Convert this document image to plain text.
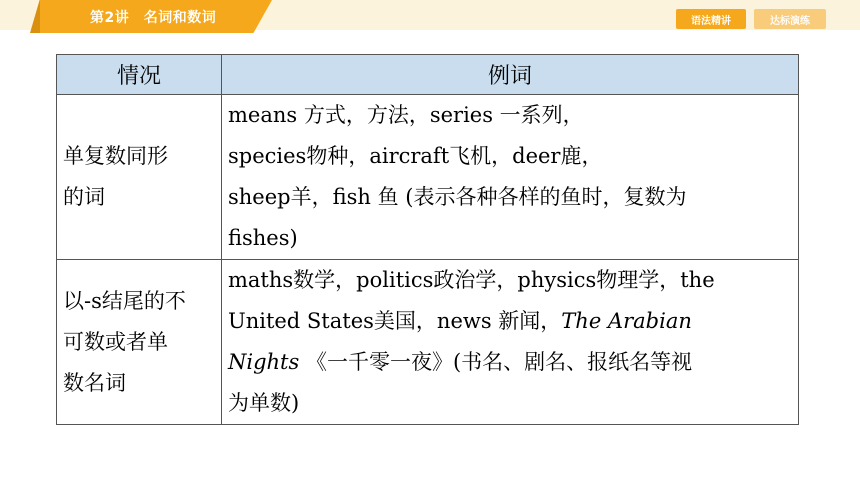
第2讲　名词和数词	语法精讲	达标演练
情况	例词

单复数同形
的词	means 方式，方法，series 一系列，
species物种，aircraft飞机，deer鹿，
sheep羊，fish 鱼 (表示各种各样的鱼时，复数为
fishes)

以-s结尾的不
可数或者单
数名词	maths数学，politics政治学，physics物理学，the
United States美国，news 新闻，The Arabian
Nights 《一千零一夜》(书名、剧名、报纸名等视
为单数)
